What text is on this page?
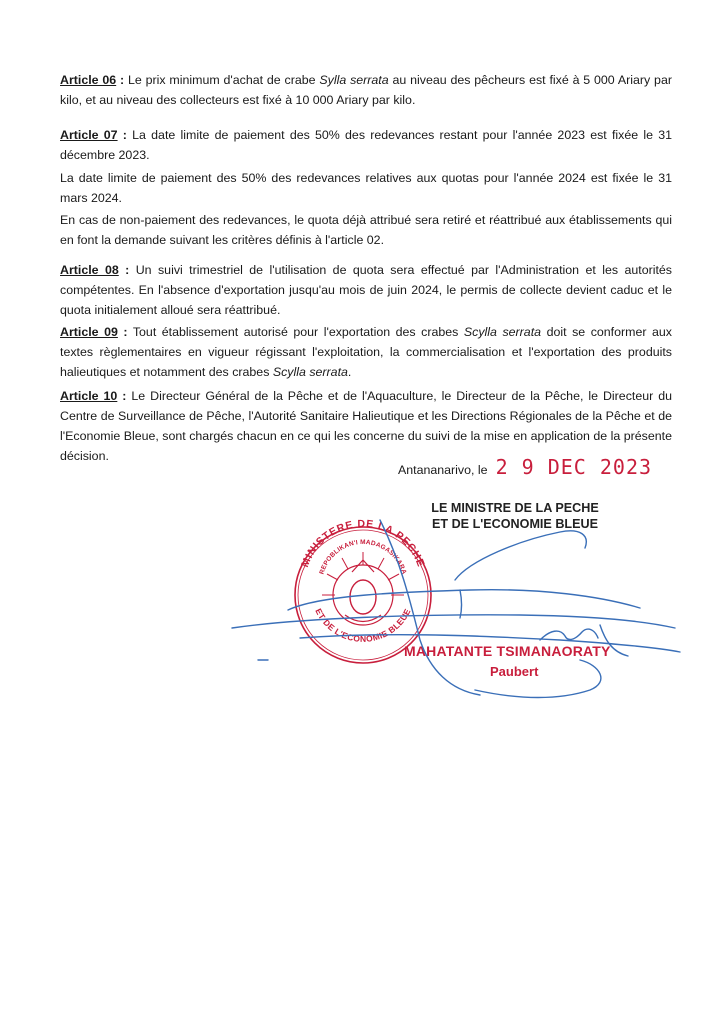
Article 06 : Le prix minimum d'achat de crabe Sylla serrata au niveau des pêcheurs est fixé à 5 000 Ariary par kilo, et au niveau des collecteurs est fixé à 10 000 Ariary par kilo.

Article 07 : La date limite de paiement des 50% des redevances restant pour l'année 2023 est fixée le 31 décembre 2023.

La date limite de paiement des 50% des redevances relatives aux quotas pour l'année 2024 est fixée le 31 mars 2024.

En cas de non-paiement des redevances, le quota déjà attribué sera retiré et réattribué aux établissements qui en font la demande suivant les critères définis à l'article 02.

Article 08 : Un suivi trimestriel de l'utilisation de quota sera effectué par l'Administration et les autorités compétentes. En l'absence d'exportation jusqu'au mois de juin 2024, le permis de collecte devient caduc et le quota initialement alloué sera réattribué.

Article 09 : Tout établissement autorisé pour l'exportation des crabes Scylla serrata doit se conformer aux textes règlementaires en vigueur régissant l'exploitation, la commercialisation et l'exportation des produits halieutiques et notamment des crabes Scylla serrata.

Article 10 : Le Directeur Général de la Pêche et de l'Aquaculture, le Directeur de la Pêche, le Directeur du Centre de Surveillance de Pêche, l'Autorité Sanitaire Halieutique et les Directions Régionales de la Pêche et de l'Economie Bleue, sont chargés chacun en ce qui les concerne du suivi de la mise en application de la présente décision.

Antananarivo, le 2 9 DEC 2023
LE MINISTRE DE LA PECHE
ET DE L'ECONOMIE BLEUE
MINISTERE DE LA PECHE
REPOBLIKAN'I MADAGASIKARA
ET DE L'ECONOMIE BLEUE
MAHATANTE TSIMANAORATY
Paubert
